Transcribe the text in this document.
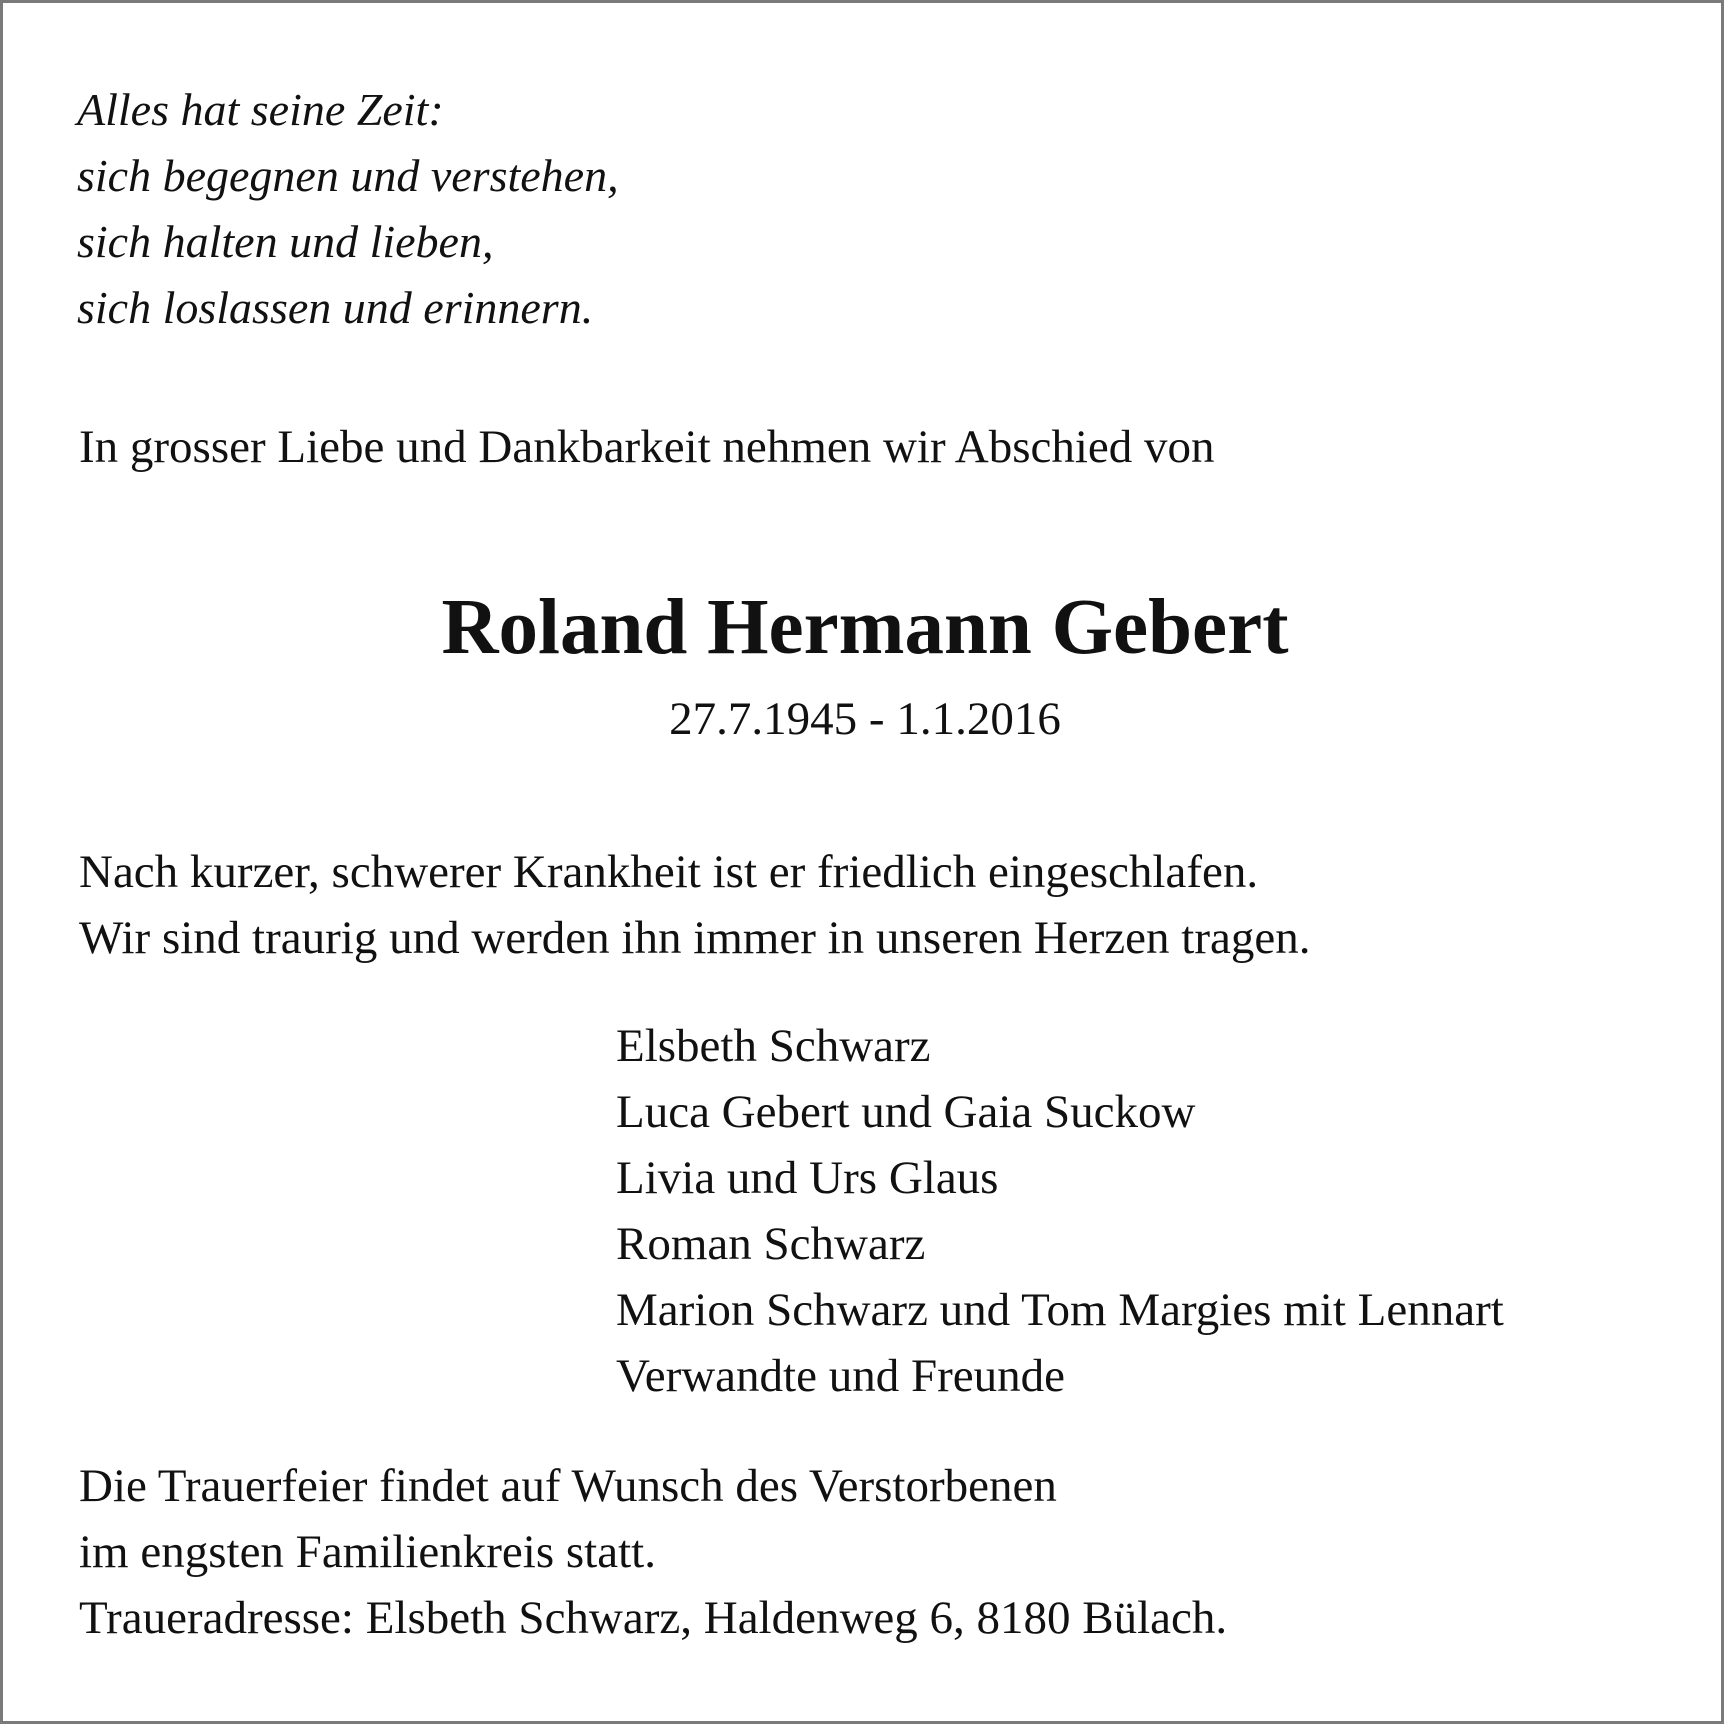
Alles hat seine Zeit:
sich begegnen und verstehen,
sich halten und lieben,
sich loslassen und erinnern.

In grosser Liebe und Dankbarkeit nehmen wir Abschied von

Roland Hermann Gebert

27.7.1945 - 1.1.2016

Nach kurzer, schwerer Krankheit ist er friedlich eingeschlafen.
Wir sind traurig und werden ihn immer in unseren Herzen tragen.
Elsbeth Schwarz
Luca Gebert und Gaia Suckow
Livia und Urs Glaus
Roman Schwarz
Marion Schwarz und Tom Margies mit Lennart
Verwandte und Freunde
Die Trauerfeier findet auf Wunsch des Verstorbenen
im engsten Familienkreis statt.
Traueradresse: Elsbeth Schwarz, Haldenweg 6, 8180 Bülach.
